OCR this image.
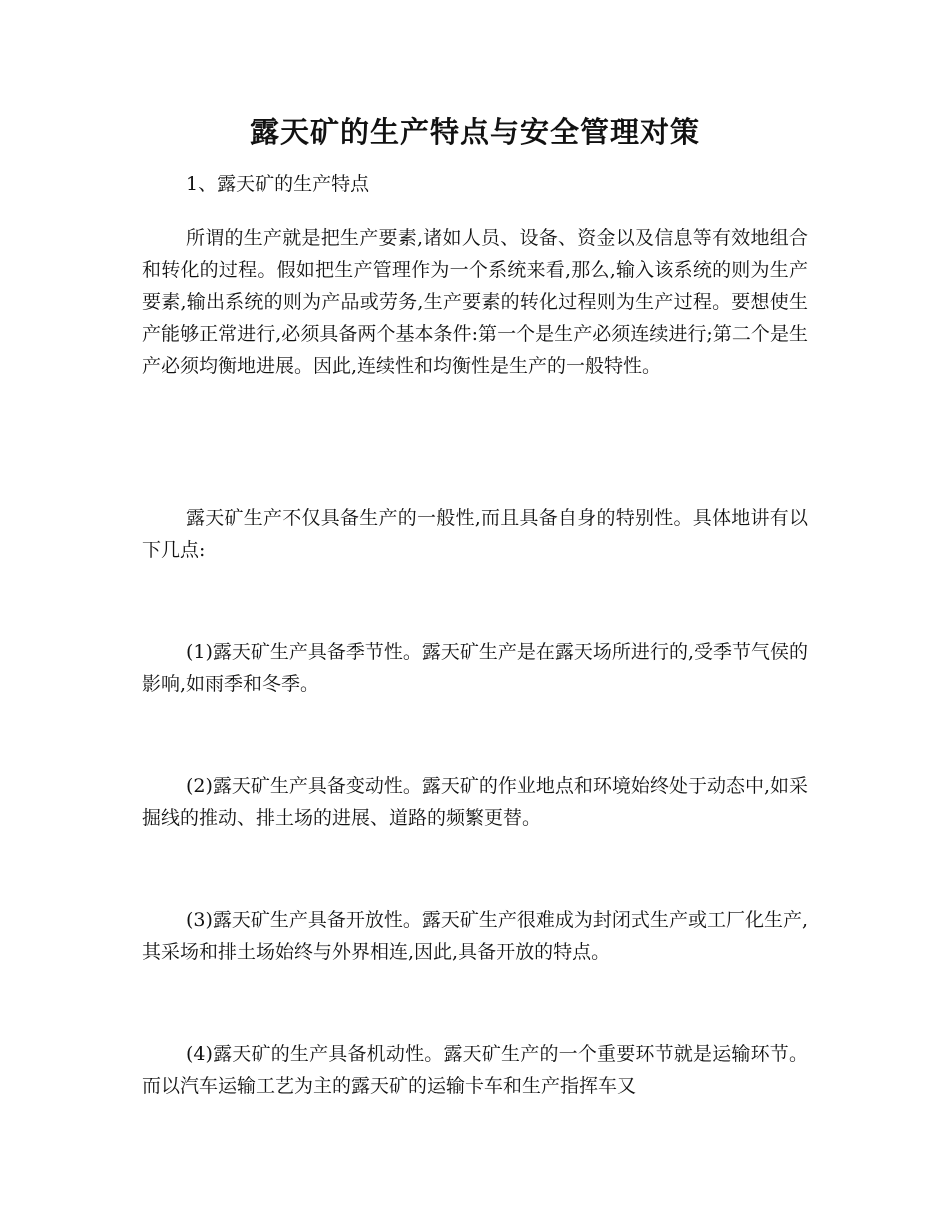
露天矿的生产特点与安全管理对策

1、露天矿的生产特点

所谓的生产就是把生产要素,诸如人员、设备、资金以及信息等有效地组合和转化的过程。假如把生产管理作为一个系统来看,那么,输入该系统的则为生产要素,输出系统的则为产品或劳务,生产要素的转化过程则为生产过程。要想使生产能够正常进行,必须具备两个基本条件:第一个是生产必须连续进行;第二个是生产必须均衡地进展。因此,连续性和均衡性是生产的一般特性。

露天矿生产不仅具备生产的一般性,而且具备自身的特别性。具体地讲有以下几点:

(1)露天矿生产具备季节性。露天矿生产是在露天场所进行的,受季节气侯的影响,如雨季和冬季。

(2)露天矿生产具备变动性。露天矿的作业地点和环境始终处于动态中,如采掘线的推动、排土场的进展、道路的频繁更替。

(3)露天矿生产具备开放性。露天矿生产很难成为封闭式生产或工厂化生产,其采场和排土场始终与外界相连,因此,具备开放的特点。

(4)露天矿的生产具备机动性。露天矿生产的一个重要环节就是运输环节。而以汽车运输工艺为主的露天矿的运输卡车和生产指挥车又
